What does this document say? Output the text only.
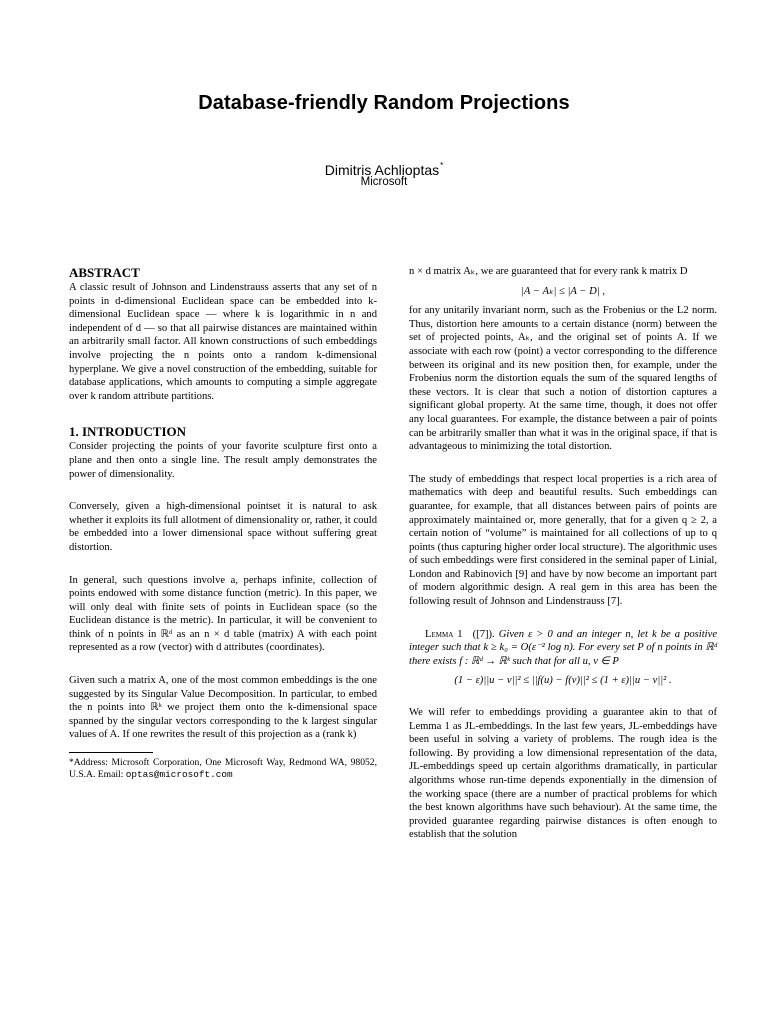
Database-friendly Random Projections
Dimitris Achlioptas*
Microsoft
ABSTRACT

A classic result of Johnson and Lindenstrauss asserts that any set of n points in d-dimensional Euclidean space can be embedded into k-dimensional Euclidean space — where k is logarithmic in n and independent of d — so that all pairwise distances are maintained within an arbitrarily small factor. All known constructions of such embeddings involve projecting the n points onto a random k-dimensional hyperplane. We give a novel construction of the embedding, suitable for database applications, which amounts to computing a simple aggregate over k random attribute partitions.

1. INTRODUCTION

Consider projecting the points of your favorite sculpture first onto a plane and then onto a single line. The result amply demonstrates the power of dimensionality.

Conversely, given a high-dimensional pointset it is natural to ask whether it exploits its full allotment of dimensionality or, rather, it could be embedded into a lower dimensional space without suffering great distortion.

In general, such questions involve a, perhaps infinite, collection of points endowed with some distance function (metric). In this paper, we will only deal with finite sets of points in Euclidean space (so the Euclidean distance is the metric). In particular, it will be convenient to think of n points in ℝᵈ as an n × d table (matrix) A with each point represented as a row (vector) with d attributes (coordinates).

Given such a matrix A, one of the most common embeddings is the one suggested by its Singular Value Decomposition. In particular, to embed the n points into ℝᵏ we project them onto the k-dimensional space spanned by the singular vectors corresponding to the k largest singular values of A. If one rewrites the result of this projection as a (rank k)

*Address: Microsoft Corporation, One Microsoft Way, Redmond WA, 98052, U.S.A. Email: optas@microsoft.com

n × d matrix Aₖ, we are guaranteed that for every rank k matrix D

|A − Aₖ| ≤ |A − D| ,

for any unitarily invariant norm, such as the Frobenius or the L2 norm. Thus, distortion here amounts to a certain distance (norm) between the set of projected points, Aₖ, and the original set of points A. If we associate with each row (point) a vector corresponding to the difference between its original and its new position then, for example, under the Frobenius norm the distortion equals the sum of the squared lengths of these vectors. It is clear that such a notion of distortion captures a significant global property. At the same time, though, it does not offer any local guarantees. For example, the distance between a pair of points can be arbitrarily smaller than what it was in the original space, if that is advantageous to minimizing the total distortion.

The study of embeddings that respect local properties is a rich area of mathematics with deep and beautiful results. Such embeddings can guarantee, for example, that all distances between pairs of points are approximately maintained or, more generally, that for a given q ≥ 2, a certain notion of “volume” is maintained for all collections of up to q points (thus capturing higher order local structure). The algorithmic uses of such embeddings were first considered in the seminal paper of Linial, London and Rabinovich [9] and have by now become an important part of modern algorithmic design. A real gem in this area has been the following result of Johnson and Lindenstrauss [7].

Lemma 1 ([7]). Given ε > 0 and an integer n, let k be a positive integer such that k ≥ k₀ = O(ε⁻² log n). For every set P of n points in ℝᵈ there exists f : ℝᵈ → ℝᵏ such that for all u, v ∈ P
(1 − ε)||u − v||² ≤ ||f(u) − f(v)||² ≤ (1 + ε)||u − v||² .

We will refer to embeddings providing a guarantee akin to that of Lemma 1 as JL-embeddings. In the last few years, JL-embeddings have been useful in solving a variety of problems. The rough idea is the following. By providing a low dimensional representation of the data, JL-embeddings speed up certain algorithms dramatically, in particular algorithms whose run-time depends exponentially in the dimension of the working space (there are a number of practical problems for which the best known algorithms have such behaviour). At the same time, the provided guarantee regarding pairwise distances is often enough to establish that the solution
